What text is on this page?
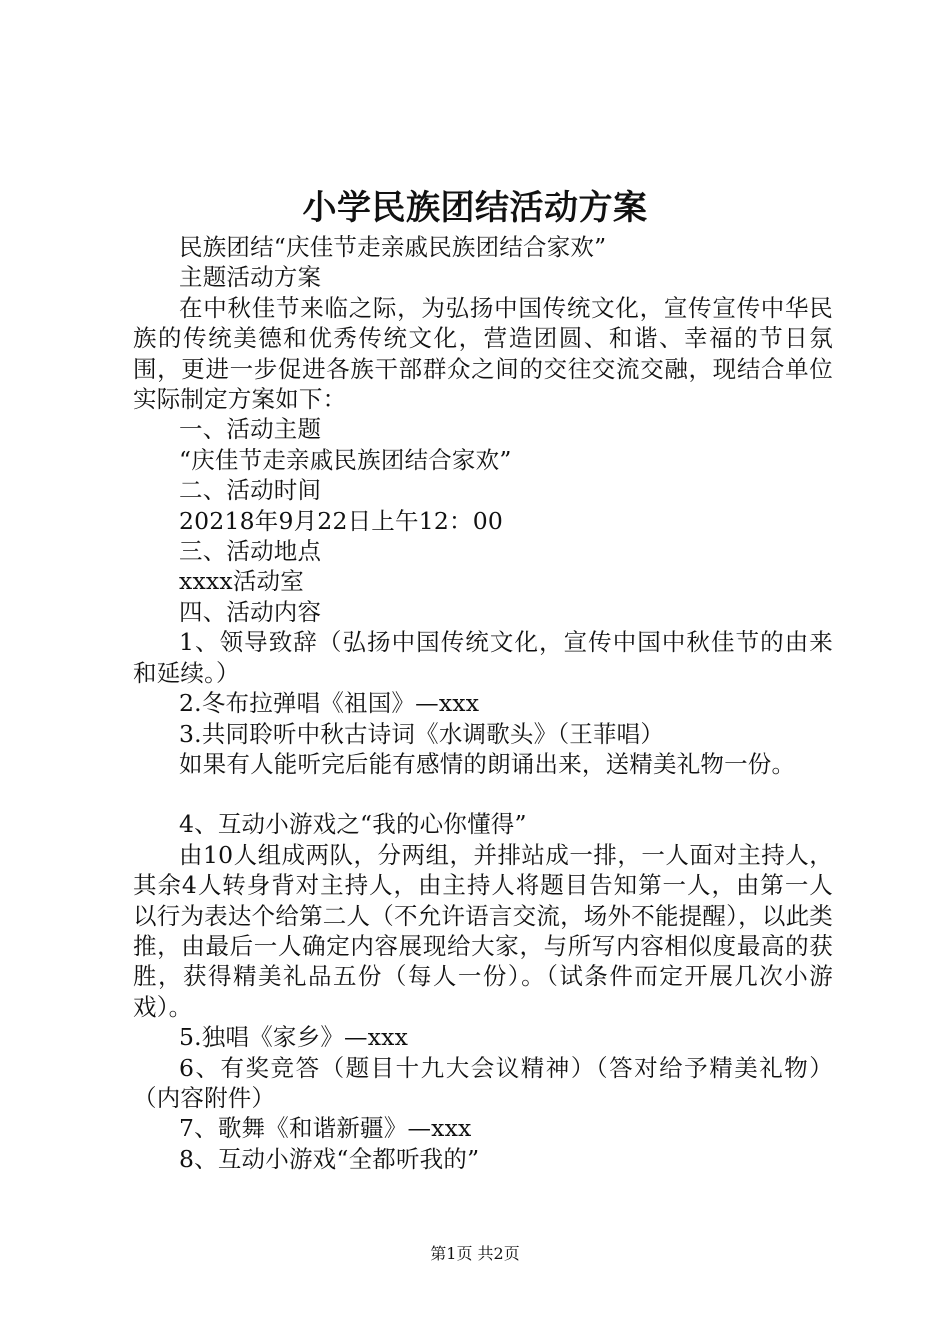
小学民族团结活动方案

民族团结“庆佳节走亲戚民族团结合家欢”

主题活动方案

在中秋佳节来临之际，为弘扬中国传统文化，宣传宣传中华民族的传统美德和优秀传统文化，营造团圆、和谐、幸福的节日氛围，更进一步促进各族干部群众之间的交往交流交融，现结合单位实际制定方案如下：

一、活动主题

“庆佳节走亲戚民族团结合家欢”

二、活动时间

20218年9月22日上午12：00

三、活动地点

xxxx活动室

四、活动内容

1、领导致辞（弘扬中国传统文化，宣传中国中秋佳节的由来和延续。）

2.冬布拉弹唱《祖国》—xxx

3.共同聆听中秋古诗词《水调歌头》（王菲唱）

如果有人能听完后能有感情的朗诵出来，送精美礼物一份。

4、互动小游戏之“我的心你懂得”

由10人组成两队，分两组，并排站成一排，一人面对主持人，其余4人转身背对主持人，由主持人将题目告知第一人，由第一人以行为表达个给第二人（不允许语言交流，场外不能提醒），以此类推，由最后一人确定内容展现给大家，与所写内容相似度最高的获胜，获得精美礼品五份（每人一份）。（试条件而定开展几次小游戏）。

5.独唱《家乡》—xxx

6、有奖竞答（题目十九大会议精神）（答对给予精美礼物）（内容附件）

7、歌舞《和谐新疆》—xxx

8、互动小游戏“全都听我的”

第1页 共2页
